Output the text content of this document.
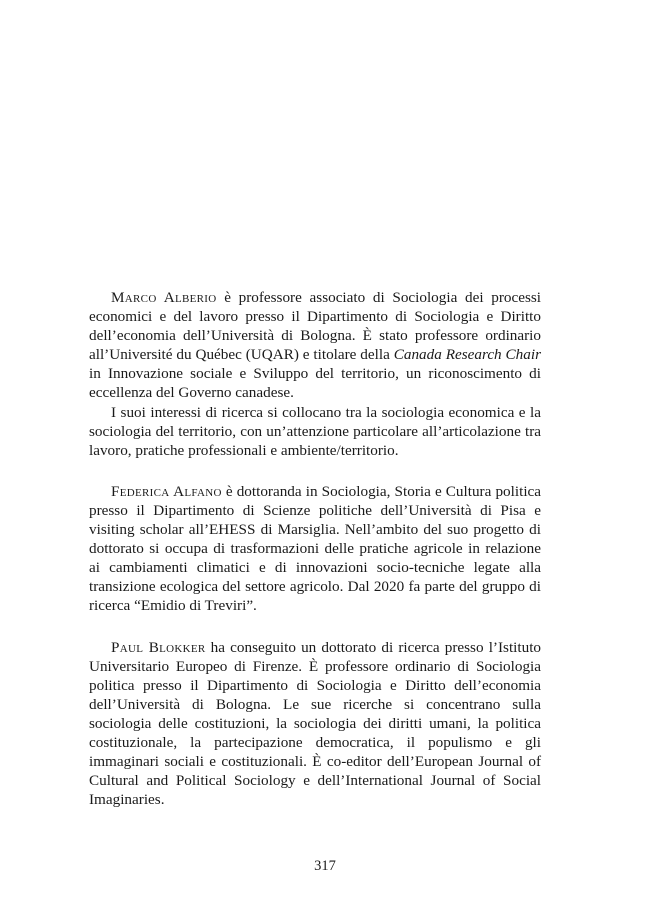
Marco Alberio è professore associato di Sociologia dei processi economici e del lavoro presso il Dipartimento di Sociologia e Diritto dell’economia dell’Università di Bologna. È stato professore ordinario all’Université du Québec (UQAR) e titolare della Canada Research Chair in Innovazione sociale e Sviluppo del territorio, un riconoscimento di eccellenza del Governo canadese.

I suoi interessi di ricerca si collocano tra la sociologia economica e la sociologia del territorio, con un’attenzione particolare all’articolazione tra lavoro, pratiche professionali e ambiente/territorio.

Federica Alfano è dottoranda in Sociologia, Storia e Cultura politica presso il Dipartimento di Scienze politiche dell’Università di Pisa e visiting scholar all’EHESS di Marsiglia. Nell’ambito del suo progetto di dottorato si occupa di trasformazioni delle pratiche agricole in relazione ai cambiamenti climatici e di innovazioni socio-tecniche legate alla transizione ecologica del settore agricolo. Dal 2020 fa parte del gruppo di ricerca “Emidio di Treviri”.

Paul Blokker ha conseguito un dottorato di ricerca presso l’Istituto Universitario Europeo di Firenze. È professore ordinario di Sociologia politica presso il Dipartimento di Sociologia e Diritto dell’economia dell’Università di Bologna. Le sue ricerche si concentrano sulla sociologia delle costituzioni, la sociologia dei diritti umani, la politica costituzionale, la partecipazione democratica, il populismo e gli immaginari sociali e costituzionali. È co-editor dell’European Journal of Cultural and Political Sociology e dell’International Journal of Social Imaginaries.

317
